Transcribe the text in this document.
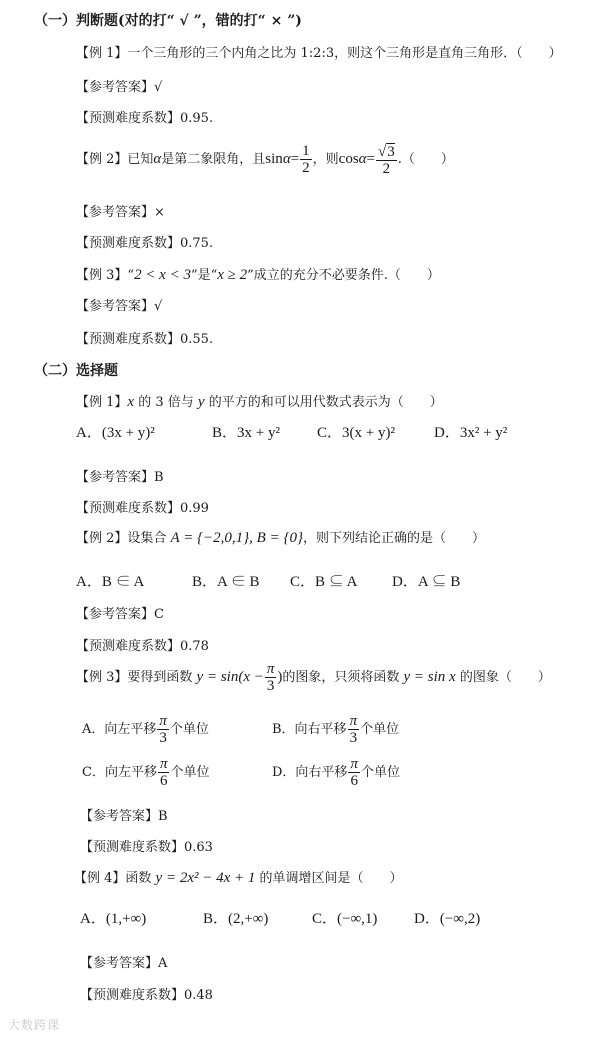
（一）判断题(对的打“ √ ”，错的打“ × ”)
【例 1】一个三角形的三个内角之比为 1:2:3，则这个三角形是直角三角形．（　　）
【参考答案】√
【预测难度系数】0.95.
【例 2】已知α是第二象限角，且$\sin\alpha= \frac{1}{2}$ ，则$\cos\alpha= \frac{√3}{2}$ .（　　）
【参考答案】×
【预测难度系数】0.75.
【例 3】“2 < x < 3”是“x ≥ 2”成立的充分不必要条件.（　　）
【参考答案】√
【预测难度系数】0.55.
（二）选择题
【例 1】x 的 3 倍与 y 的平方的和可以用代数式表示为（　　）
A．(3x + y)²	B．3x + y² C．3(x + y)²	D．3x² + y²
【参考答案】B
【预测难度系数】0.99
【例 2】设集合 A = {−2,0,1}, B = {0}，则下列结论正确的是（　　）
A．B ∈ A	B．A ∈ B C．B ⊆ A D．A ⊆ B
【参考答案】C
【预测难度系数】0.78
【例 3】要得到函数 $y = \sin(x - \frac{\pi}{3}$ )的图象，只须将函数 y = sin x 的图象（　　）
A．向左平移 $\frac{\pi}{3}$ 个单位	B．向右平移 $\frac{\pi}{3}$ 个单位
C．向左平移 $\frac{\pi}{6}$ 个单位	D．向右平移 $\frac{\pi}{6}$ 个单位
【参考答案】B
【预测难度系数】0.63
【例 4】函数 y = 2x² − 4x + 1 的单调增区间是（　　）
A．(1,+∞)	B．(2,+∞)	C．(−∞,1) D．(−∞,2)
【参考答案】A
【预测难度系数】0.48
大数跨课
